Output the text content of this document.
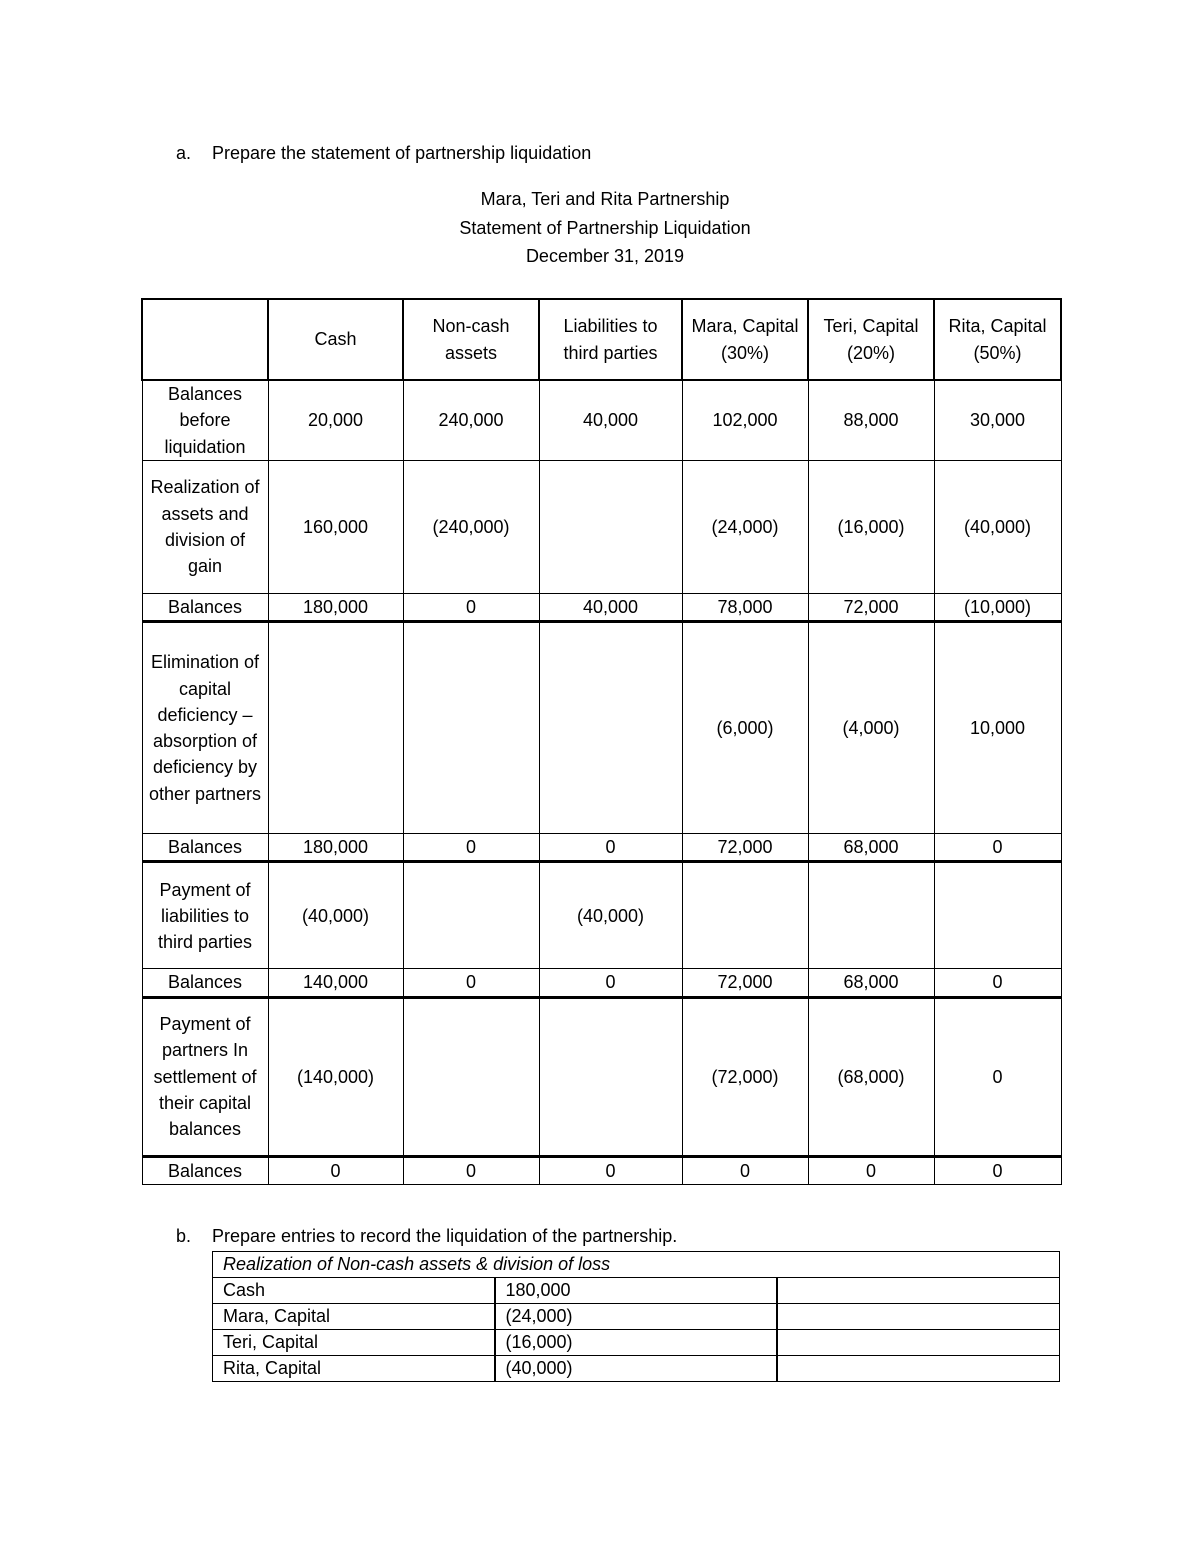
a. Prepare the statement of partnership liquidation
Mara, Teri and Rita Partnership
Statement of Partnership Liquidation
December 31, 2019
	Cash	Non-cash assets	Liabilities to third parties	Mara, Capital (30%)	Teri, Capital (20%)	Rita, Capital (50%)
Balances before liquidation	20,000	240,000	40,000	102,000	88,000	30,000
Realization of assets and division of gain	160,000	(240,000)		(24,000)	(16,000)	(40,000)
Balances	180,000	0	40,000	78,000	72,000	(10,000)
Elimination of capital deficiency – absorption of deficiency by other partners				(6,000)	(4,000)	10,000
Balances	180,000	0	0	72,000	68,000	0
Payment of liabilities to third parties	(40,000)		(40,000)			
Balances	140,000	0	0	72,000	68,000	0
Payment of partners In settlement of their capital balances	(140,000)			(72,000)	(68,000)	0
Balances	0	0	0	0	0	0
b. Prepare entries to record the liquidation of the partnership.
Realization of Non-cash assets & division of loss		
Cash	180,000	
Mara, Capital	(24,000)	
Teri, Capital	(16,000)	
Rita, Capital	(40,000)	
